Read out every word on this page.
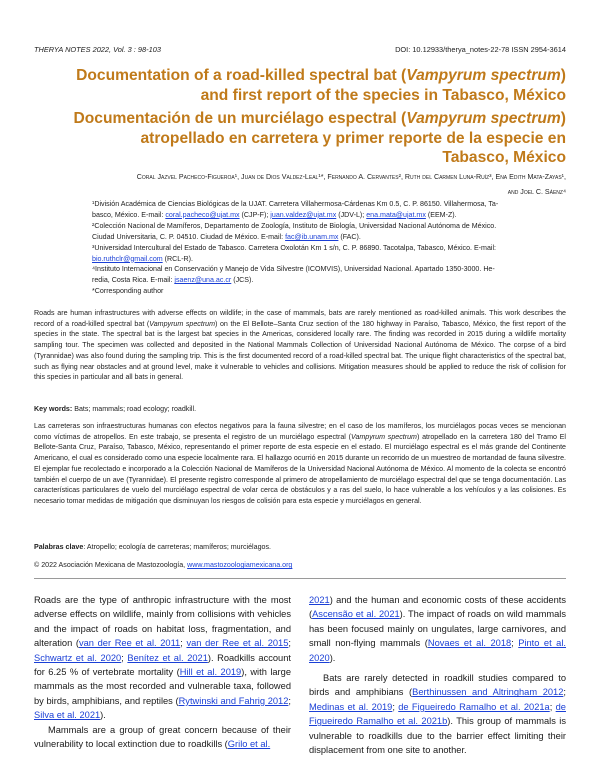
THERYA NOTES 2022, Vol. 3 : 98-103	DOI: 10.12933/therya_notes-22-78 ISSN 2954-3614
Documentation of a road-killed spectral bat (Vampyrum spectrum)
and first report of the species in Tabasco, México
Documentación de un murciélago espectral (Vampyrum spectrum)
atropellado en carretera y primer reporte de la especie en
Tabasco, México
Coral Jazvel Pacheco-Figueroa¹, Juan de Dios Valdez-Leal¹*, Fernando A. Cervantes², Ruth del Carmen Luna-Ruíz³, Ena Edith Mata-Zayas¹,
and Joel C. Sáenz⁴

¹División Académica de Ciencias Biológicas de la UJAT. Carretera Villahermosa-Cárdenas Km 0.5, C. P. 86150. Villahermosa, Ta-
basco, México. E-mail: coral.pacheco@ujat.mx (CJP-F); juan.valdez@ujat.mx (JDV-L); ena.mata@ujat.mx (EEM-Z).

²Colección Nacional de Mamíferos, Departamento de Zoología, Instituto de Biología, Universidad Nacional Autónoma de México.
Ciudad Universitaria, C. P. 04510. Ciudad de México. E-mail: fac@ib.unam.mx (FAC).

³Universidad Intercultural del Estado de Tabasco. Carretera Oxolotán Km 1 s/n, C. P. 86890. Tacotalpa, Tabasco, México. E-mail:
bio.ruthclr@gmail.com (RCL-R).

⁴Instituto Internacional en Conservación y Manejo de Vida Silvestre (ICOMVIS), Universidad Nacional. Apartado 1350-3000. He-
redia, Costa Rica. E-mail: jsaenz@una.ac.cr (JCS).

*Corresponding author

Roads are human infrastructures with adverse effects on wildlife; in the case of mammals, bats are rarely mentioned as road-killed animals. This work describes the record of a road-killed spectral bat (Vampyrum spectrum) on the El Bellote–Santa Cruz section of the 180 highway in Paraíso, Tabasco, México, the first report of the species in the state. The spectral bat is the largest bat species in the Americas, considered locally rare. The finding was recorded in 2015 during a wildlife mortality sampling tour. The specimen was collected and deposited in the National Mammals Collection of Universidad Nacional Autónoma de México. The corpse of a bird (Tyrannidae) was also found during the sampling trip. This is the first documented record of a road-killed spectral bat. The unique flight characteristics of the spectral bat, such as flying near obstacles and at ground level, make it vulnerable to vehicles and collisions. Mitigation measures should be applied to reduce the risk of collision for this species in particular and all bats in general.
Key words: Bats; mammals; road ecology; roadkill.
Las carreteras son infraestructuras humanas con efectos negativos para la fauna silvestre; en el caso de los mamíferos, los murciélagos pocas veces se mencionan como víctimas de atropellos. En este trabajo, se presenta el registro de un murciélago espectral (Vampyrum spectrum) atropellado en la carretera 180 del Tramo El Bellote-Santa Cruz, Paraíso, Tabasco, México, representando el primer reporte de esta especie en el estado. El murciélago espectral es el más grande del Continente Americano, el cual es considerado como una especie localmente rara. El hallazgo ocurrió en 2015 durante un recorrido de un muestreo de mortandad de fauna silvestre. El ejemplar fue recolectado e incorporado a la Colección Nacional de Mamíferos de la Universidad Nacional Autónoma de México. Al momento de la colecta se encontró también el cuerpo de un ave (Tyrannidae). El presente registro corresponde al primero de atropellamiento de murciélago espectral del que se tenga documentación. Las características particulares de vuelo del murciélago espectral de volar cerca de obstáculos y a ras del suelo, lo hace vulnerable a los vehículos y a las colisiones. Es necesario tomar medidas de mitigación que disminuyan los riesgos de colisión para esta especie y murciélagos en general.
Palabras clave: Atropello; ecología de carreteras; mamíferos; murciélagos.
© 2022 Asociación Mexicana de Mastozoología, www.mastozoologiamexicana.org

Roads are the type of anthropic infrastructure with the most adverse effects on wildlife, mainly from collisions with vehicles and the impact of roads on habitat loss, fragmentation, and alteration (van der Ree et al. 2011; van der Ree et al. 2015; Schwartz et al. 2020; Benítez et al. 2021). Roadkills account for 6.25 % of vertebrate mortality (Hill et al. 2019), with large mammals as the most recorded and vulnerable taxa, followed by birds, amphibians, and reptiles (Rytwinski and Fahrig 2012; Silva et al. 2021).

Mammals are a group of great concern because of their vulnerability to local extinction due to roadkills (Grilo et al.

2021) and the human and economic costs of these accidents (Ascensão et al. 2021). The impact of roads on wild mammals has been focused mainly on ungulates, large carnivores, and small non-flying mammals (Novaes et al. 2018; Pinto et al. 2020).

Bats are rarely detected in roadkill studies compared to birds and amphibians (Berthinussen and Altringham 2012; Medinas et al. 2019; de Figueiredo Ramalho et al. 2021a; de Figueiredo Ramalho et al. 2021b). This group of mammals is vulnerable to roadkills due to the barrier effect limiting their displacement from one site to another.
